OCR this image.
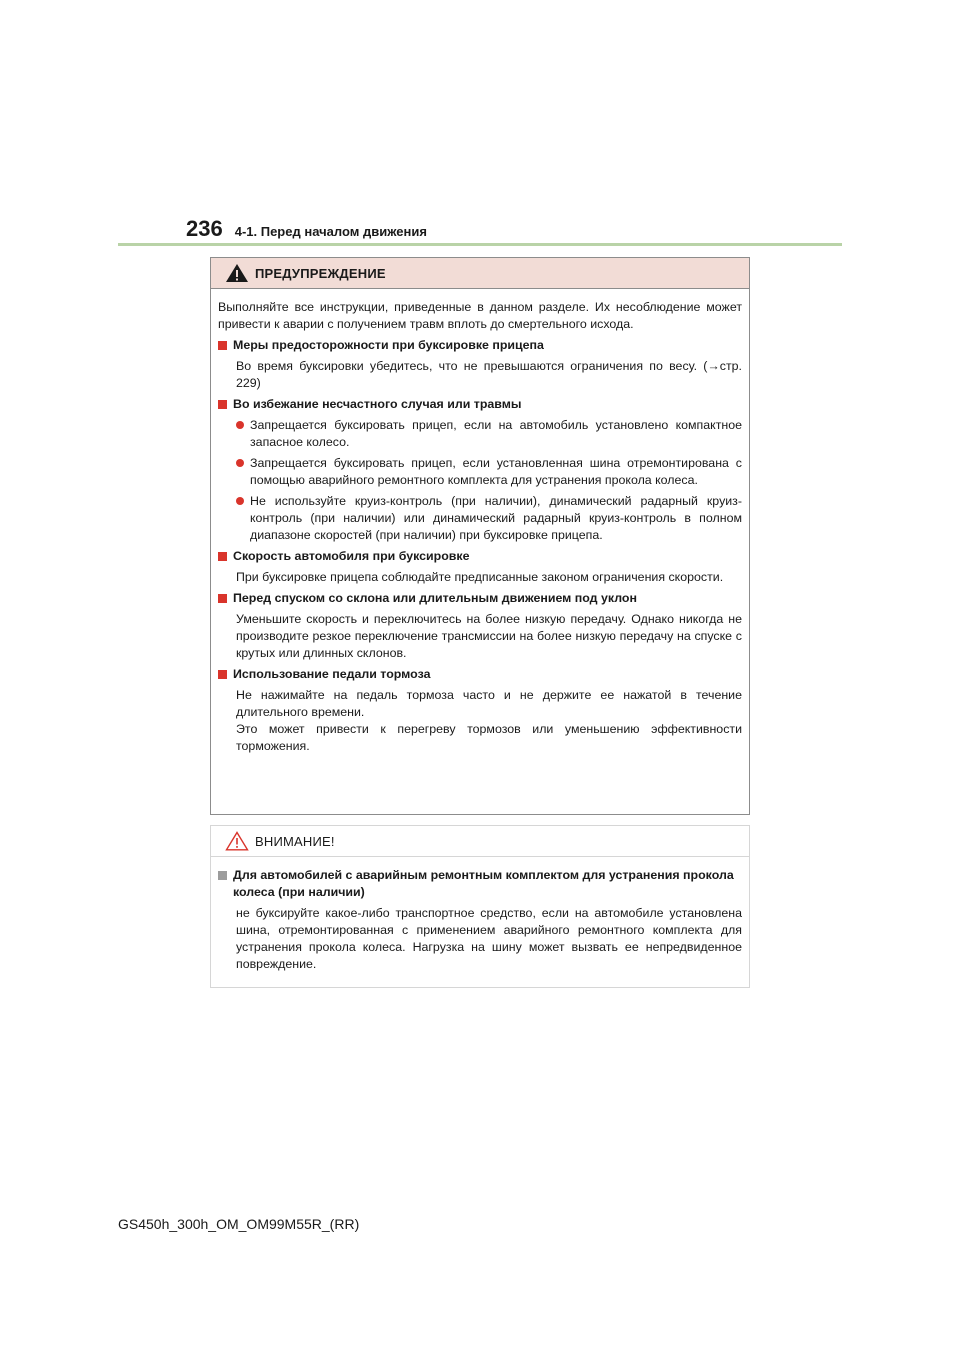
236 4-1. Перед началом движения
ПРЕДУПРЕЖДЕНИЕ

Выполняйте все инструкции, приведенные в данном разделе. Их несоблюдение может привести к аварии с получением травм вплоть до смертельного исхода.

Меры предосторожности при буксировке прицепа

Во время буксировки убедитесь, что не превышаются ограничения по весу. (→стр. 229)

Во избежание несчастного случая или травмы
Запрещается буксировать прицеп, если на автомобиль установлено компактное запасное колесо.
Запрещается буксировать прицеп, если установленная шина отремонтирована с помощью аварийного ремонтного комплекта для устранения прокола колеса.
Не используйте круиз-контроль (при наличии), динамический радарный круиз-контроль (при наличии) или динамический радарный круиз-контроль в полном диапазоне скоростей (при наличии) при буксировке прицепа.
Скорость автомобиля при буксировке

При буксировке прицепа соблюдайте предписанные законом ограничения скорости.

Перед спуском со склона или длительным движением под уклон

Уменьшите скорость и переключитесь на более низкую передачу. Однако никогда не производите резкое переключение трансмиссии на более низкую передачу на спуске с крутых или длинных склонов.

Использование педали тормоза

Не нажимайте на педаль тормоза часто и не держите ее нажатой в течение длительного времени.

Это может привести к перегреву тормозов или уменьшению эффективности торможения.

ВНИМАНИЕ!
Для автомобилей с аварийным ремонтным комплектом для устранения прокола колеса (при наличии)

не буксируйте какое-либо транспортное средство, если на автомобиле установлена шина, отремонтированная с применением аварийного ремонтного комплекта для устранения прокола колеса. Нагрузка на шину может вызвать ее непредвиденное повреждение.

GS450h_300h_OM_OM99M55R_(RR)
